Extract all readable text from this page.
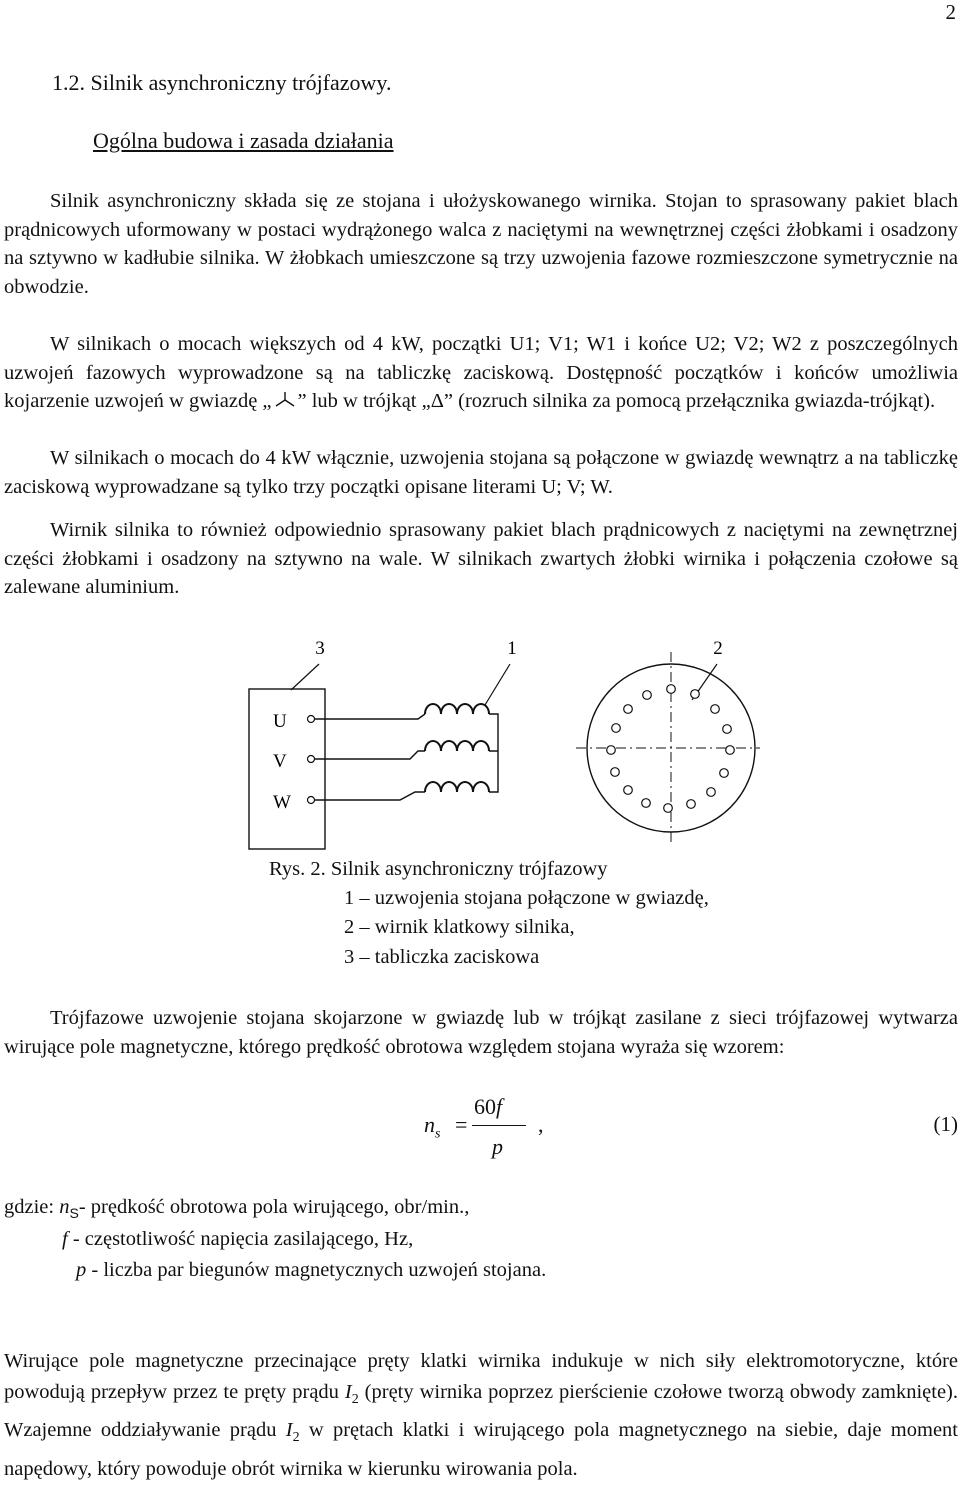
2
1.2. Silnik asynchroniczny trójfazowy.
Ogólna budowa i zasada działania

Silnik asynchroniczny składa się ze stojana i ułożyskowanego wirnika. Stojan to sprasowany pakiet blach prądnicowych uformowany w postaci wydrążonego walca z naciętymi na wewnętrznej części żłobkami i osadzony na sztywno w kadłubie silnika. W żłobkach umieszczone są trzy uzwojenia fazowe rozmieszczone symetrycznie na obwodzie.

W silnikach o mocach większych od 4 kW, początki U1; V1; W1 i końce U2; V2; W2 z poszczególnych uzwojeń fazowych wyprowadzone są na tabliczkę zaciskową. Dostępność początków i końców umożliwia kojarzenie uzwojeń w gwiazdę „ ” lub w trójkąt „Δ” (rozruch silnika za pomocą przełącznika gwiazda-trójkąt).

W silnikach o mocach do 4 kW włącznie, uzwojenia stojana są połączone w gwiazdę wewnątrz a na tabliczkę zaciskową wyprowadzane są tylko trzy początki opisane literami U; V; W.

Wirnik silnika to również odpowiednio sprasowany pakiet blach prądnicowych z naciętymi na zewnętrznej części żłobkami i osadzony na sztywno na wale. W silnikach zwartych żłobki wirnika i połączenia czołowe są zalewane aluminium.

3	1	2
U
V
W
Rys. 2. Silnik asynchroniczny trójfazowy
1 – uzwojenia stojana połączone w gwiazdę,
2 – wirnik klatkowy silnika,
3 – tabliczka zaciskowa

Trójfazowe uzwojenie stojana skojarzone w gwiazdę lub w trójkąt zasilane z sieci trójfazowej wytwarza wirujące pole magnetyczne, którego prędkość obrotowa względem stojana wyraża się wzorem:

$n_s$ =
60f
p
,	(1)
gdzie: $n_S-$ prędkość obrotowa pola wirującego, obr/min.,
f - częstotliwość napięcia zasilającego, Hz,
p - liczba par biegunów magnetycznych uzwojeń stojana.

Wirujące pole magnetyczne przecinające pręty klatki wirnika indukuje w nich siły elektromotoryczne, które powodują przepływ przez te pręty prądu $I_2$ (pręty wirnika poprzez pierścienie czołowe tworzą obwody zamknięte). Wzajemne oddziaływanie prądu $I_2$ w prętach klatki i wirującego pola magnetycznego na siebie, daje moment napędowy, który powoduje obrót wirnika w kierunku wirowania pola.
